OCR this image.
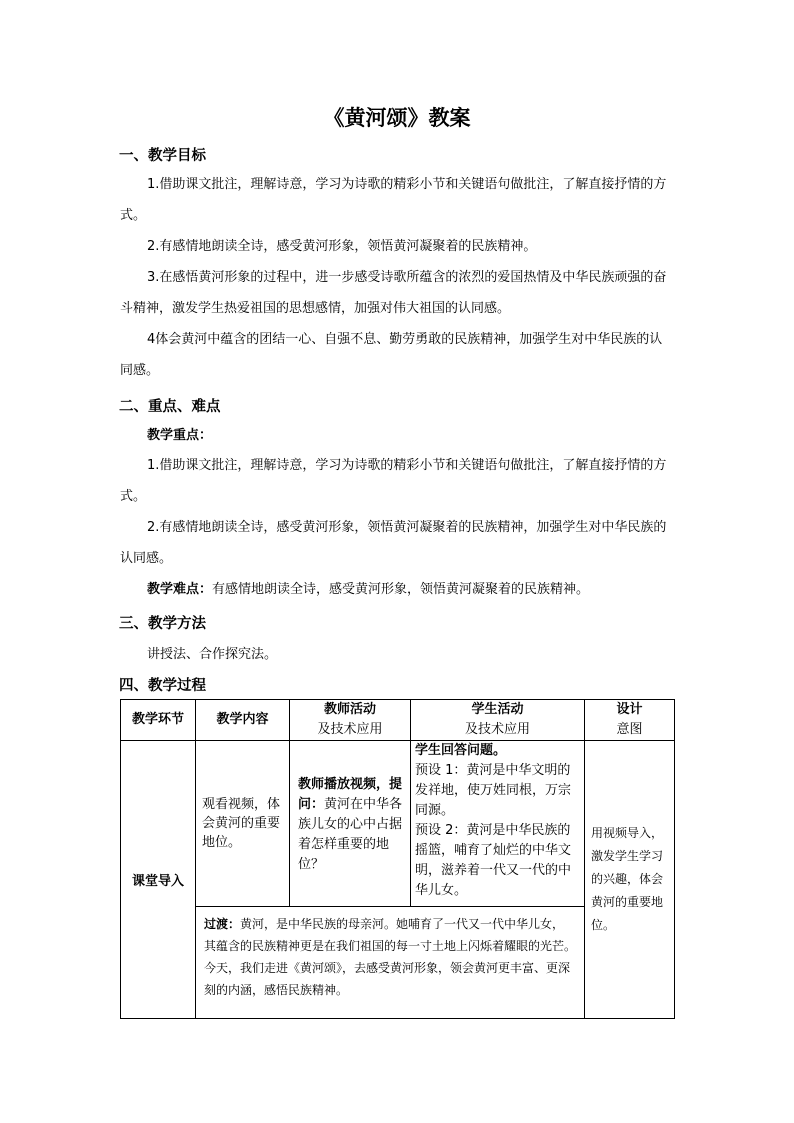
《黄河颂》教案
一、教学目标

1.借助课文批注，理解诗意，学习为诗歌的精彩小节和关键语句做批注，了解直接抒情的方式。

2.有感情地朗读全诗，感受黄河形象，领悟黄河凝聚着的民族精神。

3.在感悟黄河形象的过程中，进一步感受诗歌所蕴含的浓烈的爱国热情及中华民族顽强的奋斗精神，激发学生热爱祖国的思想感情，加强对伟大祖国的认同感。

4体会黄河中蕴含的团结一心、自强不息、勤劳勇敢的民族精神，加强学生对中华民族的认同感。

二、重点、难点
教学重点：

1.借助课文批注，理解诗意，学习为诗歌的精彩小节和关键语句做批注，了解直接抒情的方式。

2.有感情地朗读全诗，感受黄河形象，领悟黄河凝聚着的民族精神，加强学生对中华民族的认同感。

教学难点：有感情地朗读全诗，感受黄河形象，领悟黄河凝聚着的民族精神。
三、教学方法
讲授法、合作探究法。
四、教学过程
教学环节	教学内容	教师活动
及技术应用	学生活动
及技术应用	设计
意图
课堂导入	观看视频，体会黄河的重要地位。	教师播放视频，提问：黄河在中华各族儿女的心中占据着怎样重要的地位？	学生回答问题。
预设 1：黄河是中华文明的发祥地，使万姓同根，万宗同源。
预设 2：黄河是中华民族的摇篮，哺育了灿烂的中华文明，滋养着一代又一代的中华儿女。	用视频导入，激发学生学习的兴趣，体会黄河的重要地位。
	过渡：黄河，是中华民族的母亲河。她哺育了一代又一代中华儿女，其蕴含的民族精神更是在我们祖国的每一寸土地上闪烁着耀眼的光芒。今天，我们走进《黄河颂》，去感受黄河形象，领会黄河更丰富、更深刻的内涵，感悟民族精神。			
